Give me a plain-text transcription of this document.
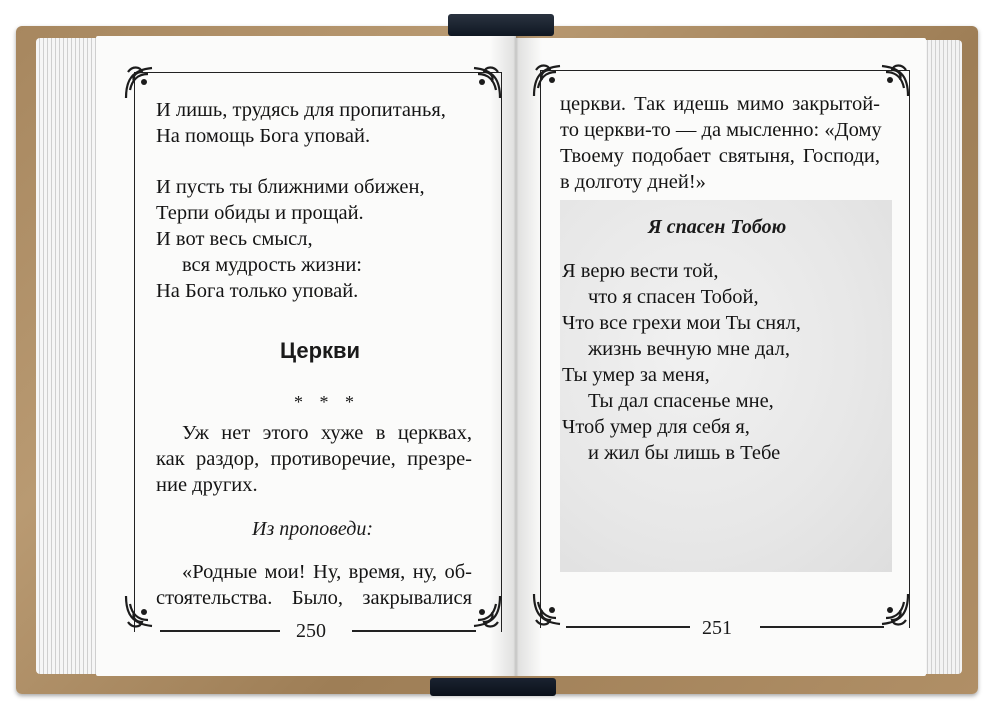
И лишь, трудясь для пропитанья,
На помощь Бога уповай.
И пусть ты ближними обижен,
Терпи обиды и прощай.
И вот весь смысл,
вся мудрость жизни:
На Бога только уповай.
Церкви
* * *
Уж нет этого хуже в церквах,
как раздор, противоречие, презре-
ние других.
Из проповеди:
«Родные мои! Ну, время, ну, об-
стоятельства. Было, закрывалися
250
церкви. Так идешь мимо закрытой-
то церкви-то — да мысленно: «Дому
Твоему подобает святыня, Господи,
в долготу дней!»
Я спасен Тобою
Я верю вести той,
что я спасен Тобой,
Что все грехи мои Ты снял,
жизнь вечную мне дал,
Ты умер за меня,
Ты дал спасенье мне,
Чтоб умер для себя я,
и жил бы лишь в Тебе
251
